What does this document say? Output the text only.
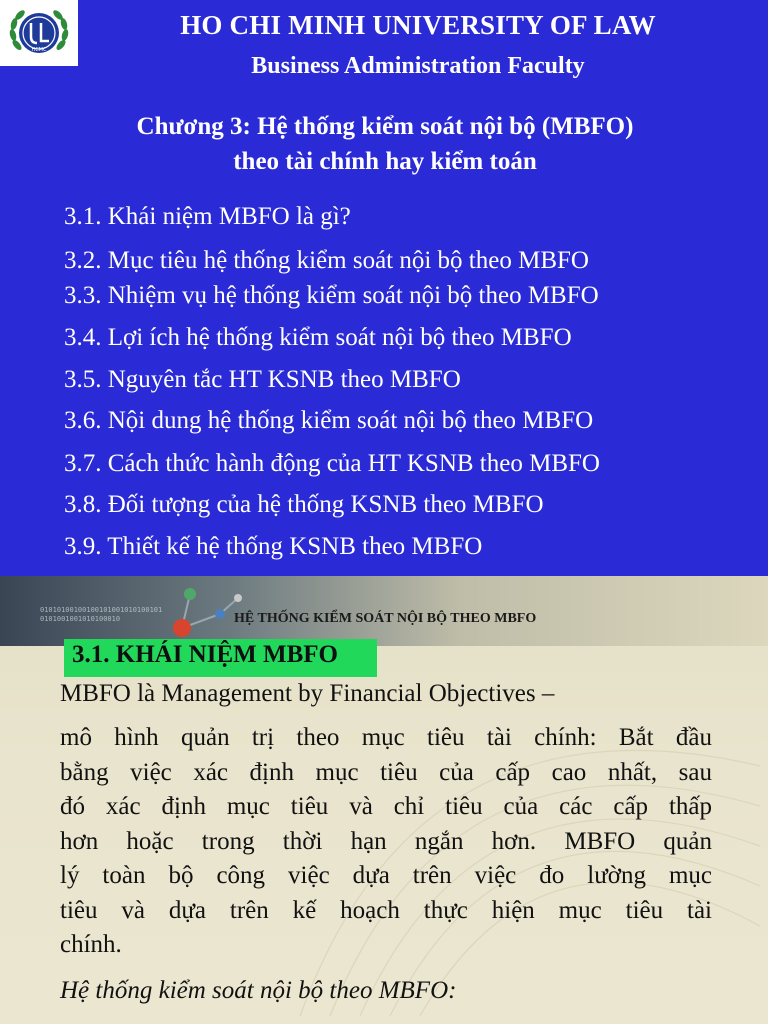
HCMC
HO CHI MINH UNIVERSITY OF LAW
Business Administration Faculty
Chương 3: Hệ thống kiểm soát nội bộ (MBFO)
theo tài chính hay kiểm toán
3.1. Khái niệm MBFO là gì?
3.2. Mục tiêu hệ thống kiểm soát nội bộ theo MBFO
3.3. Nhiệm vụ hệ thống kiểm soát nội bộ theo MBFO
3.4. Lợi ích hệ thống kiểm soát nội bộ theo MBFO
3.5. Nguyên tắc HT KSNB theo MBFO
3.6. Nội dung hệ thống kiểm soát nội bộ theo MBFO
3.7. Cách thức hành động của HT KSNB theo MBFO
3.8. Đối tượng của hệ thống KSNB theo MBFO
3.9. Thiết kế hệ thống KSNB theo MBFO
01010100100100101001010100101
0101001001010100010	HỆ THỐNG KIỂM SOÁT NỘI BỘ THEO MBFO
3.1. KHÁI NIỆM MBFO
MBFO là Management by Financial Objectives –
mô hình quản trị theo mục tiêu tài chính: Bắt đầu
bằng việc xác định mục tiêu của cấp cao nhất, sau
đó xác định mục tiêu và chỉ tiêu của các cấp thấp
hơn hoặc trong thời hạn ngắn hơn. MBFO quản
lý toàn bộ công việc dựa trên việc đo lường mục
tiêu và dựa trên kế hoạch thực hiện mục tiêu tài
chính.
Hệ thống kiểm soát nội bộ theo MBFO:
